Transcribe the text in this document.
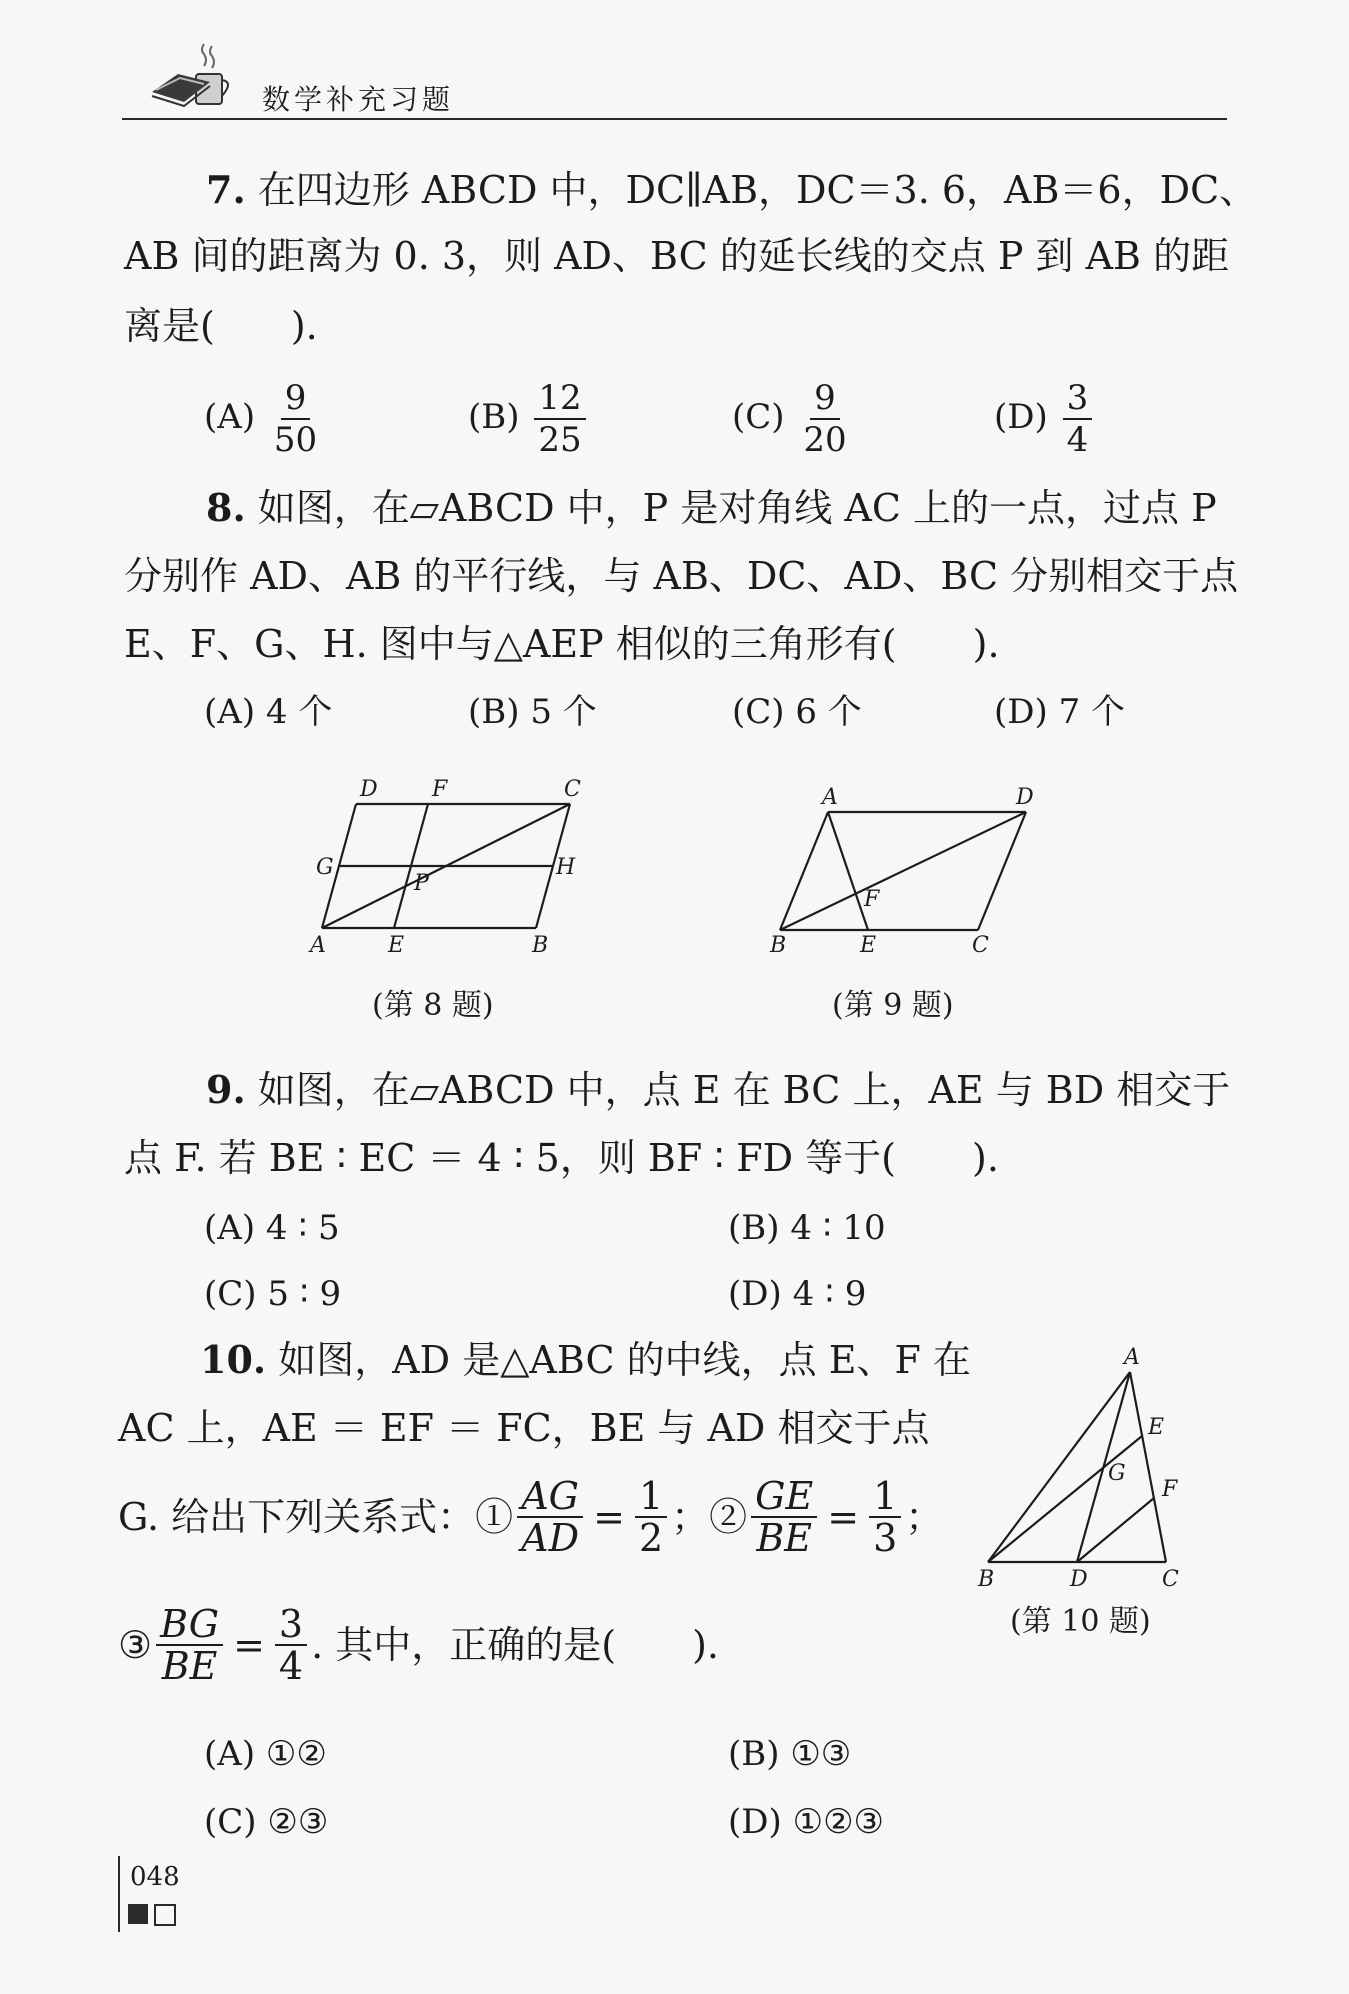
数学补充习题
7. 在四边形 ABCD 中，DC∥AB，DC＝3. 6，AB＝6，DC、
AB 间的距离为 0. 3，则 AD、BC 的延长线的交点 P 到 AB 的距
离是(　　).
$(A) \frac{9}{50}$	$(B) \frac{12}{25}$	$(C) \frac{9}{20}$	$(D) \frac{3}{4}$
8. 如图，在▱ABCD 中，P 是对角线 AC 上的一点，过点 P
分别作 AD、AB 的平行线，与 AB、DC、AD、BC 分别相交于点
E、F、G、H. 图中与△AEP 相似的三角形有(　　).
(A) 4 个	(B) 5 个	(C) 6 个	(D) 7 个
D F	C
G	H
P
A	E	B
(第 8 题)
A	D
F
B	E	C
(第 9 题)
9. 如图，在▱ABCD 中，点 E 在 BC 上，AE 与 BD 相交于
点 F. 若 BE ∶ EC ＝ 4 ∶ 5，则 BF ∶ FD 等于(　　).
(A) 4 ∶ 5	(B) 4 ∶ 10
(C) 5 ∶ 9	(D) 4 ∶ 9
10. 如图，AD 是△ABC 的中线，点 E、F 在
AC 上，AE ＝ EF ＝ FC，BE 与 AD 相交于点
G. 给出下列关系式：① $\frac{AG}{AD} = \frac{1}{2}$ ；② $\frac{GE}{BE} = \frac{1}{3}$ ；
③ $\frac{BG}{BE} = \frac{3}{4}$ . 其中，正确的是(　　).
(A) ①②	(B) ①③
(C) ②③	(D) ①②③
A
E
G
F
B	D	C
(第 10 题)
048
